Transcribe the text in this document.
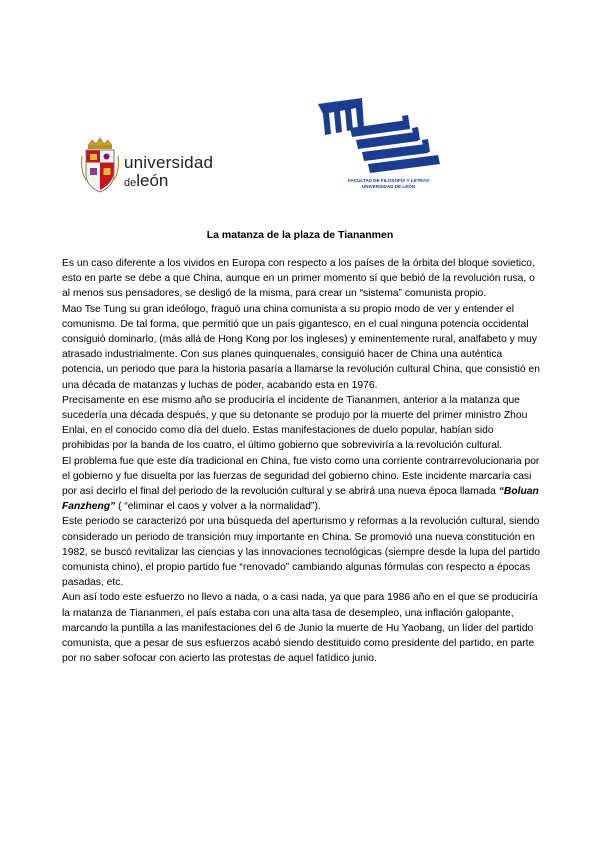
universidad
deleón	FACULTAD DE FILOSOFÍA Y LETRAS
UNIVERSIDAD DE LEÓN
La matanza de la plaza de Tiananmen

Es un caso diferente a los vividos en Europa con respecto a los países de la órbita del bloque sovietico, esto en parte se debe a que China, aunque en un primer momento sí que bebió de la revolución rusa, o al menos sus pensadores, se desligó de la misma, para crear un “sistema” comunista propio.

Mao Tse Tung su gran ideólogo, fraguó una china comunista a su propio modo de ver y entender el comunismo. De tal forma, que permitió que un país gigantesco, en el cual ninguna potencia occidental consiguió dominarlo, (más allá de Hong Kong por los ingleses) y eminentemente rural, analfabeto y muy atrasado industrialmente. Con sus planes quinquenales, consiguió hacer de China una auténtica potencia, un periodo que para la historia pasaría a llamarse la revolución cultural China, que consistió en una década de matanzas y luchas de poder, acabando esta en 1976.

Precisamente en ese mismo año se produciría el incidente de Tiananmen, anterior a la matanza que sucedería una década después, y que su detonante se produjo por la muerte del primer ministro Zhou Enlai, en el conocido como día del duelo. Estas manifestaciones de duelo popular, habían sido prohibidas por la banda de los cuatro, el último gobierno que sobreviviría a la revolución cultural.

El problema fue que este día tradicional en China, fue visto como una corriente contrarrevolucionaria por el gobierno y fue disuelta por las fuerzas de seguridad del gobierno chino. Este incidente marcaría casi por así decirlo el final del periodo de la revolución cultural y se abrirá una nueva época llamada “Boluan Fanzheng” ( “eliminar el caos y volver a la normalidad”).

Este periodo se caracterizó por una búsqueda del aperturismo y reformas a la revolución cultural, siendo considerado un periodo de transición muy importante en China. Se promovió una nueva constitución en 1982, se buscó revitalizar las ciencias y las innovaciones tecnológicas (siempre desde la lupa del partido comunista chino), el propio partido fue “renovado” cambiando algunas fórmulas con respecto a épocas pasadas, etc.

Aun así todo este esfuerzo no llevo a nada, o a casi nada, ya que para 1986 año en el que se produciría la matanza de Tiananmen, el país estaba con una alta tasa de desempleo, una inflación galopante, marcando la puntilla a las manifestaciones del 6 de Junio la muerte de Hu Yaobang, un líder del partido comunista, que a pesar de sus esfuerzos acabó siendo destituido como presidente del partido, en parte por no saber sofocar con acierto las protestas de aquel fatídico junio.
